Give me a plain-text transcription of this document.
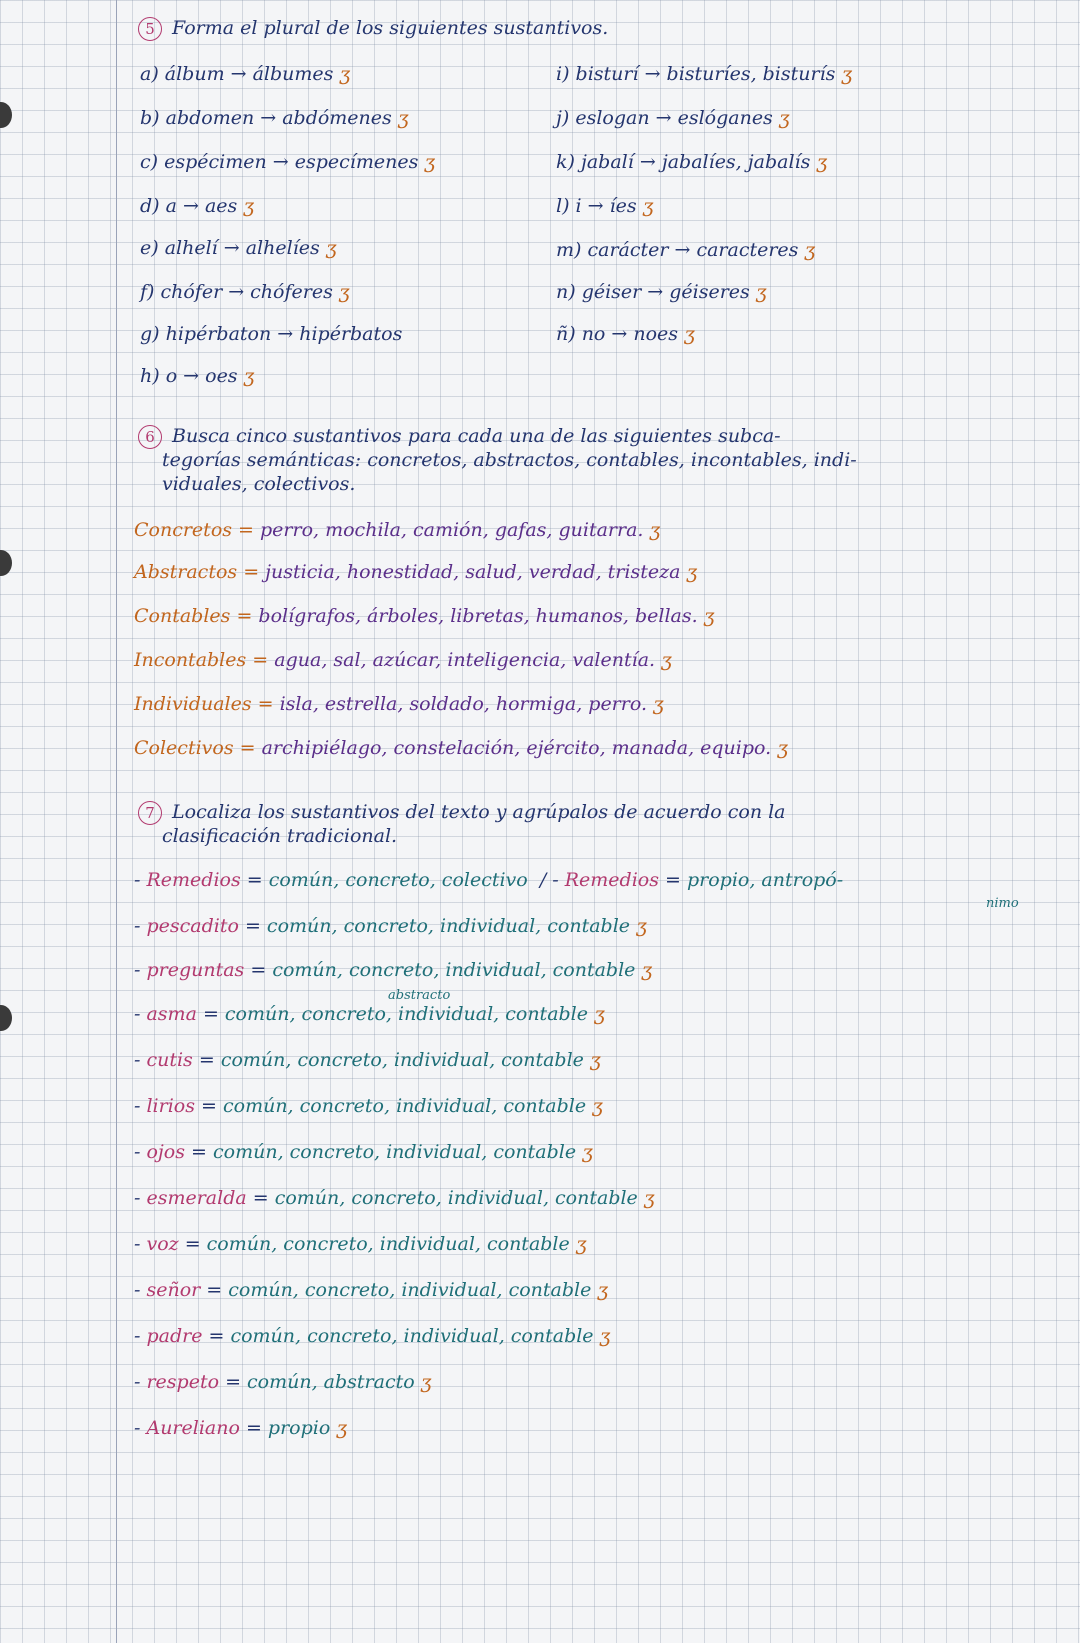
5 Forma el plural de los siguientes sustantivos.
a) álbum → álbumes ʒ
b) abdomen → abdómenes ʒ
c) espécimen → especímenes ʒ
d) a → aes ʒ
e) alhelí → alhelíes ʒ
f) chófer → chóferes ʒ
g) hipérbaton → hipérbatos
h) o → oes ʒ
i) bisturí → bisturíes, bisturís ʒ
j) eslogan → eslóganes ʒ
k) jabalí → jabalíes, jabalís ʒ
l) i → íes ʒ
m) carácter → caracteres ʒ
n) géiser → géiseres ʒ
ñ) no → noes ʒ
6 Busca cinco sustantivos para cada una de las siguientes subca-
tegorías semánticas: concretos, abstractos, contables, incontables, indi-
viduales, colectivos.
Concretos = perro, mochila, camión, gafas, guitarra. ʒ
Abstractos = justicia, honestidad, salud, verdad, tristeza ʒ
Contables = bolígrafos, árboles, libretas, humanos, bellas. ʒ
Incontables = agua, sal, azúcar, inteligencia, valentía. ʒ
Individuales = isla, estrella, soldado, hormiga, perro. ʒ
Colectivos = archipiélago, constelación, ejército, manada, equipo. ʒ
7 Localiza los sustantivos del texto y agrúpalos de acuerdo con la
clasificación tradicional.
- Remedios = común, concreto, colectivo  / - Remedios = propio, antropó-
nimo
- pescadito = común, concreto, individual, contable ʒ
- preguntas = común, concreto, individual, contable ʒ
abstracto
- asma = común, concreto, individual, contable ʒ
- cutis = común, concreto, individual, contable ʒ
- lirios = común, concreto, individual, contable ʒ
- ojos = común, concreto, individual, contable ʒ
- esmeralda = común, concreto, individual, contable ʒ
- voz = común, concreto, individual, contable ʒ
- señor = común, concreto, individual, contable ʒ
- padre = común, concreto, individual, contable ʒ
- respeto = común, abstracto ʒ
- Aureliano = propio ʒ
